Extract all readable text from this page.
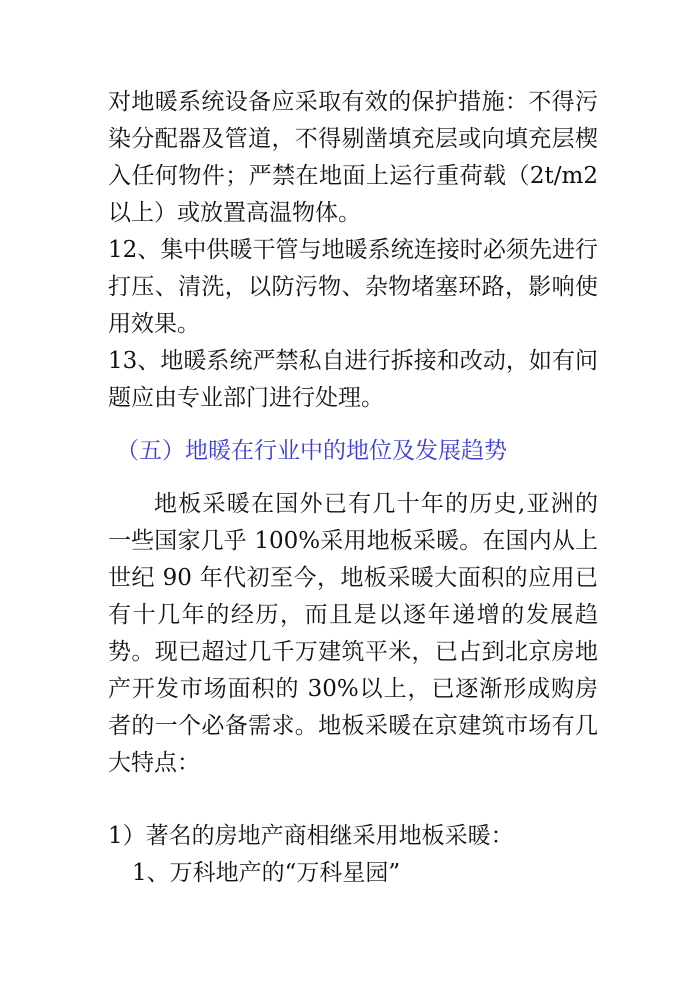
对地暖系统设备应采取有效的保护措施：不得污染分配器及管道，不得剔凿填充层或向填充层楔入任何物件；严禁在地面上运行重荷载（2t/m2 以上）或放置高温物体。

12、集中供暖干管与地暖系统连接时必须先进行打压、清洗，以防污物、杂物堵塞环路，影响使用效果。

13、地暖系统严禁私自进行拆接和改动，如有问题应由专业部门进行处理。

（五）地暖在行业中的地位及发展趋势

地板采暖在国外已有几十年的历史,亚洲的一些国家几乎 100%采用地板采暖。在国内从上世纪 90 年代初至今，地板采暖大面积的应用已有十几年的经历，而且是以逐年递增的发展趋势。现已超过几千万建筑平米，已占到北京房地产开发市场面积的 30%以上，已逐渐形成购房者的一个必备需求。地板采暖在京建筑市场有几大特点：

1）著名的房地产商相继采用地板采暖：

1、万科地产的“万科星园”
